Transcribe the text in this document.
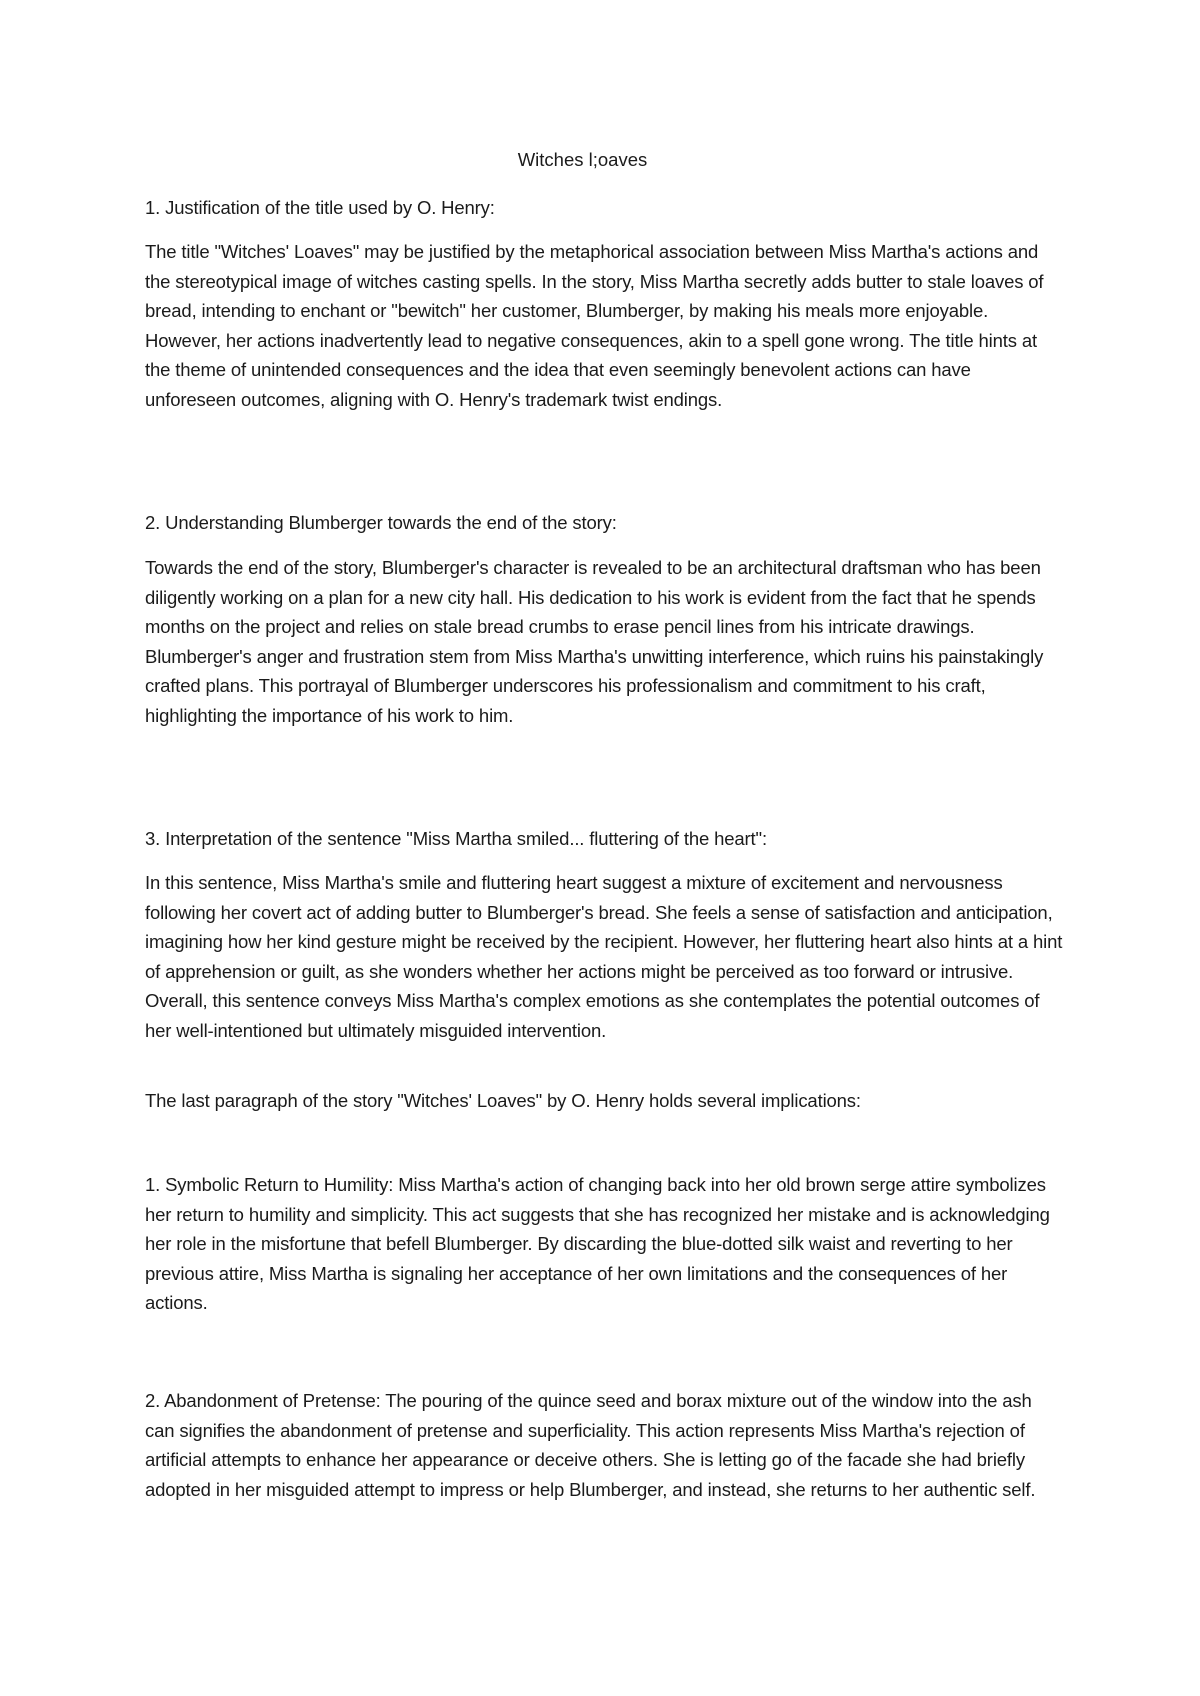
Witches l;oaves

1. Justification of the title used by O. Henry:

The title "Witches' Loaves" may be justified by the metaphorical association between Miss Martha's actions and the stereotypical image of witches casting spells. In the story, Miss Martha secretly adds butter to stale loaves of bread, intending to enchant or "bewitch" her customer, Blumberger, by making his meals more enjoyable. However, her actions inadvertently lead to negative consequences, akin to a spell gone wrong. The title hints at the theme of unintended consequences and the idea that even seemingly benevolent actions can have unforeseen outcomes, aligning with O. Henry's trademark twist endings.

2. Understanding Blumberger towards the end of the story:

Towards the end of the story, Blumberger's character is revealed to be an architectural draftsman who has been diligently working on a plan for a new city hall. His dedication to his work is evident from the fact that he spends months on the project and relies on stale bread crumbs to erase pencil lines from his intricate drawings. Blumberger's anger and frustration stem from Miss Martha's unwitting interference, which ruins his painstakingly crafted plans. This portrayal of Blumberger underscores his professionalism and commitment to his craft, highlighting the importance of his work to him.

3. Interpretation of the sentence "Miss Martha smiled... fluttering of the heart":

In this sentence, Miss Martha's smile and fluttering heart suggest a mixture of excitement and nervousness following her covert act of adding butter to Blumberger's bread. She feels a sense of satisfaction and anticipation, imagining how her kind gesture might be received by the recipient. However, her fluttering heart also hints at a hint of apprehension or guilt, as she wonders whether her actions might be perceived as too forward or intrusive. Overall, this sentence conveys Miss Martha's complex emotions as she contemplates the potential outcomes of her well-intentioned but ultimately misguided intervention.

The last paragraph of the story "Witches' Loaves" by O. Henry holds several implications:

1. Symbolic Return to Humility: Miss Martha's action of changing back into her old brown serge attire symbolizes her return to humility and simplicity. This act suggests that she has recognized her mistake and is acknowledging her role in the misfortune that befell Blumberger. By discarding the blue-dotted silk waist and reverting to her previous attire, Miss Martha is signaling her acceptance of her own limitations and the consequences of her actions.

2. Abandonment of Pretense: The pouring of the quince seed and borax mixture out of the window into the ash can signifies the abandonment of pretense and superficiality. This action represents Miss Martha's rejection of artificial attempts to enhance her appearance or deceive others. She is letting go of the facade she had briefly adopted in her misguided attempt to impress or help Blumberger, and instead, she returns to her authentic self.
